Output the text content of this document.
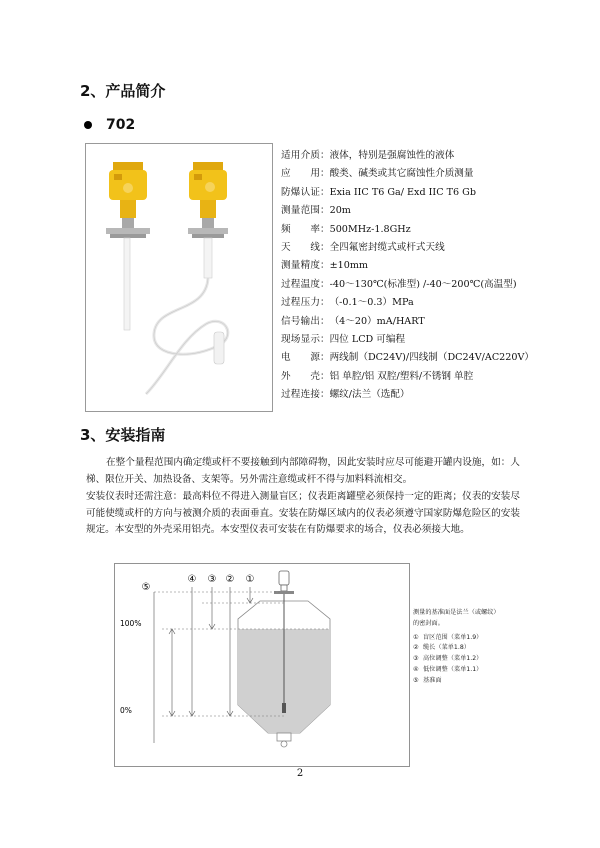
2、产品简介
702
适用介质 ： 液体，特别是强腐蚀性的液体
应 用 ： 酸类、碱类或其它腐蚀性介质测量
防爆认证 ： Exia IIC T6 Ga/ Exd IIC T6 Gb
测量范围 ： 20m
频 率 ： 500MHz-1.8GHz
天 线 ： 全四氟密封缆式或杆式天线
测量精度 ： ±10mm
过程温度 ： -40～130℃(标准型) /-40～200℃(高温型)
过程压力 ： （-0.1～0.3）MPa
信号输出 ： （4～20）mA/HART
现场显示 ： 四位 LCD 可编程
电 源 ： 两线制（DC24V)/四线制（DC24V/AC220V）
外 壳 ： 铝 单腔/铝 双腔/塑料/不锈钢 单腔
过程连接 ： 螺纹/法兰（选配）
3、安装指南
在整个量程范围内确定缆或杆不要接触到内部障碍物，因此安装时应尽可能避开罐内设施，如：人梯、限位开关、加热设备、支架等。另外需注意缆或杆不得与加料料流相交。
安装仪表时还需注意：最高料位不得进入测量盲区；仪表距离罐壁必须保持一定的距离；仪表的安装尽可能使缆或杆的方向与被测介质的表面垂直。安装在防爆区域内的仪表必须遵守国家防爆危险区的安装规定。本安型的外壳采用铝壳。本安型仪表可安装在有防爆要求的场合，仪表必须接大地。
⑤
④ ③ ② ①
100%
0%
测量的基准面是法兰（或螺纹）的密封面。
① 盲区范围（菜单1.9）
② 缆长（菜单1.8）
③ 高位调整（菜单1.2）
④ 低位调整（菜单1.1）
⑤ 基准面
2
